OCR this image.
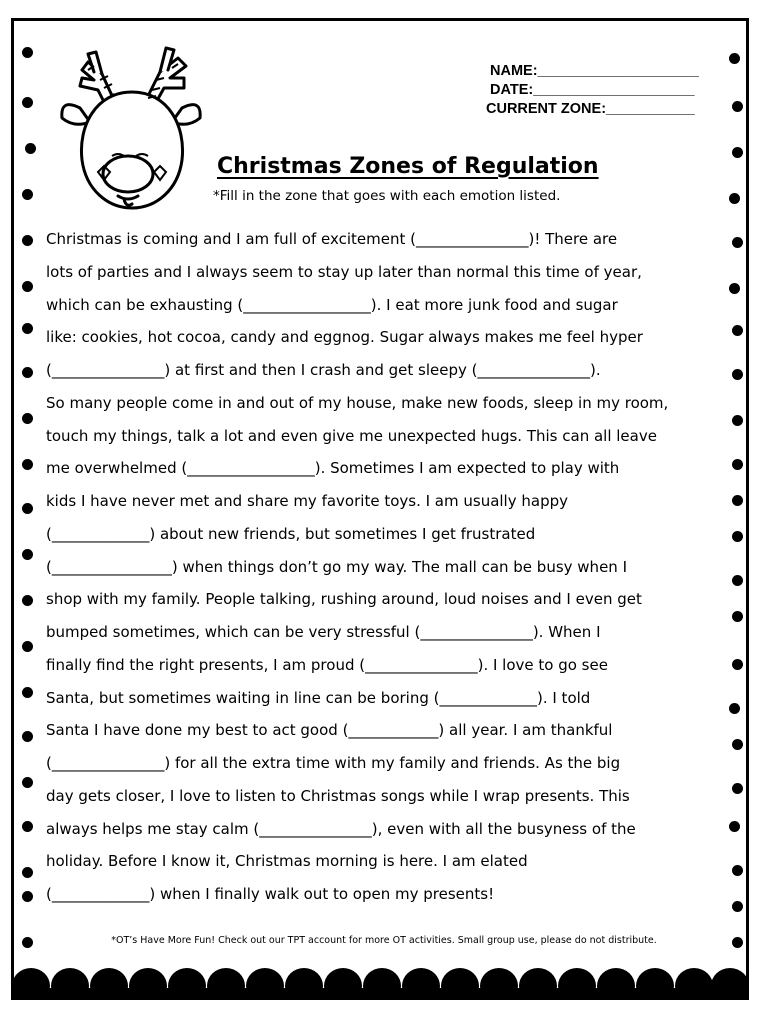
NAME:____________________
DATE:____________________
CURRENT ZONE:___________
Christmas Zones of Regulation
*Fill in the zone that goes with each emotion listed.
Christmas is coming and I am full of excitement (_______________)! There are
lots of parties and I always seem to stay up later than normal this time of year,
which can be exhausting (_________________). I eat more junk food and sugar
like: cookies, hot cocoa, candy and eggnog. Sugar always makes me feel hyper
(_______________) at first and then I crash and get sleepy (_______________).
So many people come in and out of my house, make new foods, sleep in my room,
touch my things, talk a lot and even give me unexpected hugs. This can all leave
me overwhelmed (_________________). Sometimes I am expected to play with
kids I have never met and share my favorite toys. I am usually happy
(_____________) about new friends, but sometimes I get frustrated
(________________) when things don’t go my way. The mall can be busy when I
shop with my family. People talking, rushing around, loud noises and I even get
bumped sometimes, which can be very stressful (_______________). When I
finally find the right presents, I am proud (_______________). I love to go see
Santa, but sometimes waiting in line can be boring (_____________). I told
Santa I have done my best to act good (____________) all year. I am thankful
(_______________) for all the extra time with my family and friends. As the big
day gets closer, I love to listen to Christmas songs while I wrap presents. This
always helps me stay calm (_______________), even with all the busyness of the
holiday. Before I know it, Christmas morning is here. I am elated
(_____________) when I finally walk out to open my presents!
*OT’s Have More Fun! Check out our TPT account for more OT activities. Small group use, please do not distribute.
